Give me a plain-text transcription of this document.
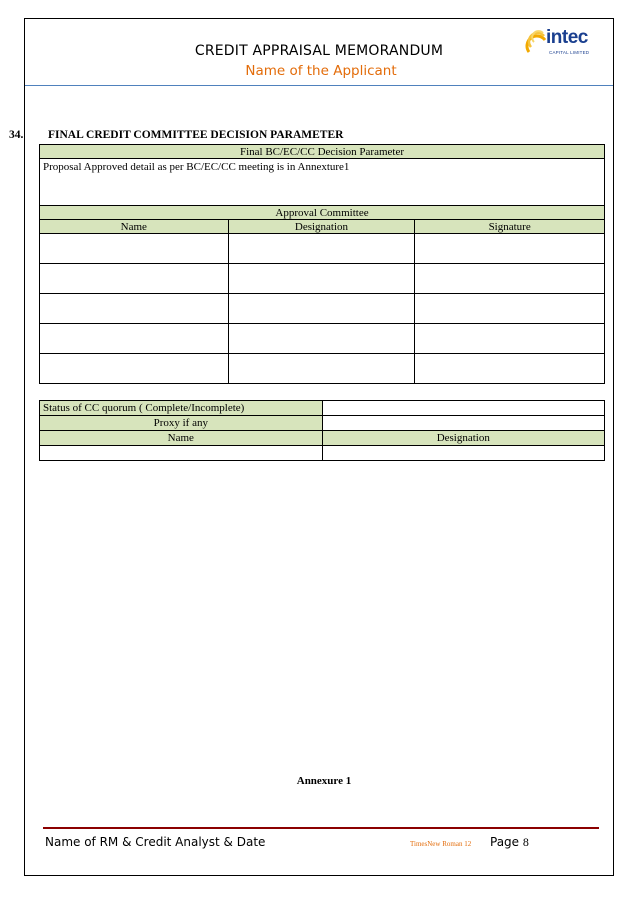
CREDIT APPRAISAL MEMORANDUM
Name of the Applicant
intec
CAPITAL LIMITED
34. FINAL CREDIT COMMITTEE DECISION PARAMETER
Final BC/EC/CC Decision Parameter		
Proposal Approved detail as per BC/EC/CC meeting is in Annexture1		
Approval Committee		
Name	Designation	Signature

Status of CC quorum ( Complete/Incomplete)	
Proxy if any	
Name	Designation

Annexure 1
Name of RM & Credit Analyst & Date	TimesNew Roman 12 Page 8
